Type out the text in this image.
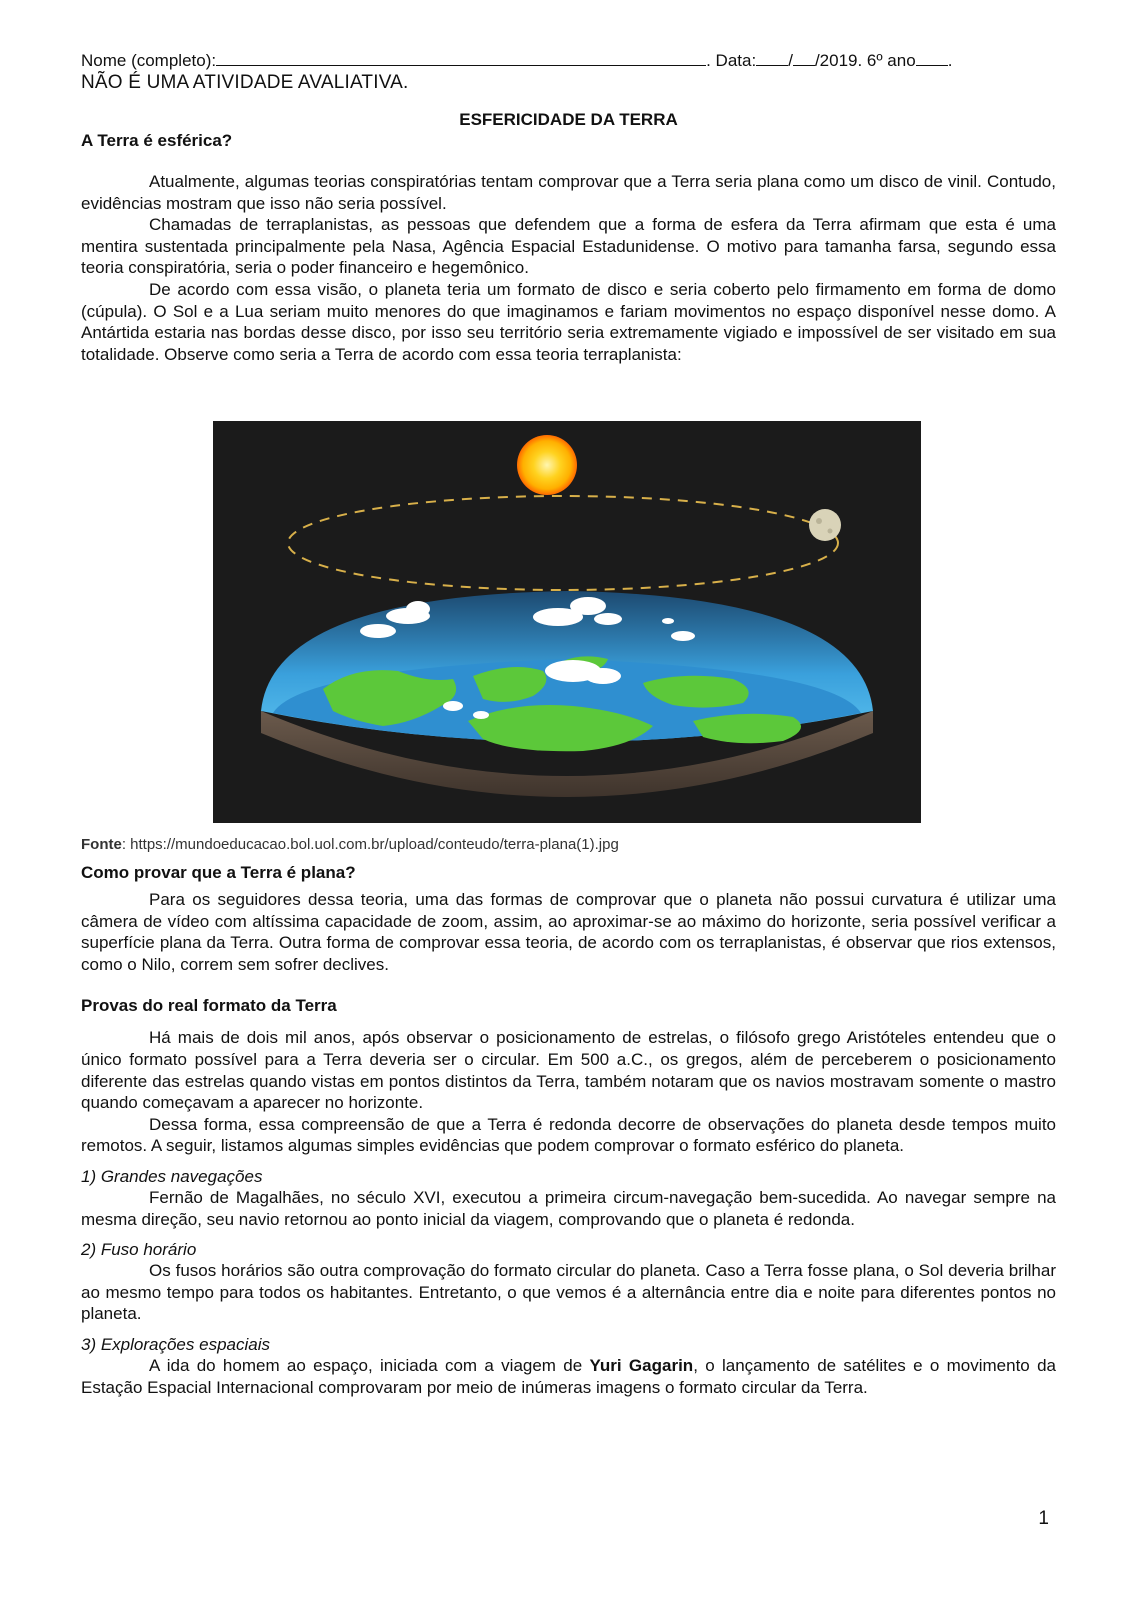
Nome (completo):	. Data: / /2019. 6º ano .

NÃO É UMA ATIVIDADE AVALIATIVA.

ESFERICIDADE DA TERRA

A Terra é esférica?

Atualmente, algumas teorias conspiratórias tentam comprovar que a Terra seria plana como um disco de vinil. Contudo, evidências mostram que isso não seria possível.

Chamadas de terraplanistas, as pessoas que defendem que a forma de esfera da Terra afirmam que esta é uma mentira sustentada principalmente pela Nasa, Agência Espacial Estadunidense. O motivo para tamanha farsa, segundo essa teoria conspiratória, seria o poder financeiro e hegemônico.

De acordo com essa visão, o planeta teria um formato de disco e seria coberto pelo firmamento em forma de domo (cúpula). O Sol e a Lua seriam muito menores do que imaginamos e fariam movimentos no espaço disponível nesse domo. A Antártida estaria nas bordas desse disco, por isso seu território seria extremamente vigiado e impossível de ser visitado em sua totalidade. Observe como seria a Terra de acordo com essa teoria terraplanista:

Fonte: https://mundoeducacao.bol.uol.com.br/upload/conteudo/terra-plana(1).jpg

Como provar que a Terra é plana?

Para os seguidores dessa teoria, uma das formas de comprovar que o planeta não possui curvatura é utilizar uma câmera de vídeo com altíssima capacidade de zoom, assim, ao aproximar-se ao máximo do horizonte, seria possível verificar a superfície plana da Terra. Outra forma de comprovar essa teoria, de acordo com os terraplanistas, é observar que rios extensos, como o Nilo, correm sem sofrer declives.

Provas do real formato da Terra

Há mais de dois mil anos, após observar o posicionamento de estrelas, o filósofo grego Aristóteles entendeu que o único formato possível para a Terra deveria ser o circular. Em 500 a.C., os gregos, além de perceberem o posicionamento diferente das estrelas quando vistas em pontos distintos da Terra, também notaram que os navios mostravam somente o mastro quando começavam a aparecer no horizonte.

Dessa forma, essa compreensão de que a Terra é redonda decorre de observações do planeta desde tempos muito remotos. A seguir, listamos algumas simples evidências que podem comprovar o formato esférico do planeta.

1) Grandes navegações

Fernão de Magalhães, no século XVI, executou a primeira circum-navegação bem-sucedida. Ao navegar sempre na mesma direção, seu navio retornou ao ponto inicial da viagem, comprovando que o planeta é redonda.

2) Fuso horário

Os fusos horários são outra comprovação do formato circular do planeta. Caso a Terra fosse plana, o Sol deveria brilhar ao mesmo tempo para todos os habitantes. Entretanto, o que vemos é a alternância entre dia e noite para diferentes pontos no planeta.

3) Explorações espaciais

A ida do homem ao espaço, iniciada com a viagem de Yuri Gagarin, o lançamento de satélites e o movimento da Estação Espacial Internacional comprovaram por meio de inúmeras imagens o formato circular da Terra.

1
